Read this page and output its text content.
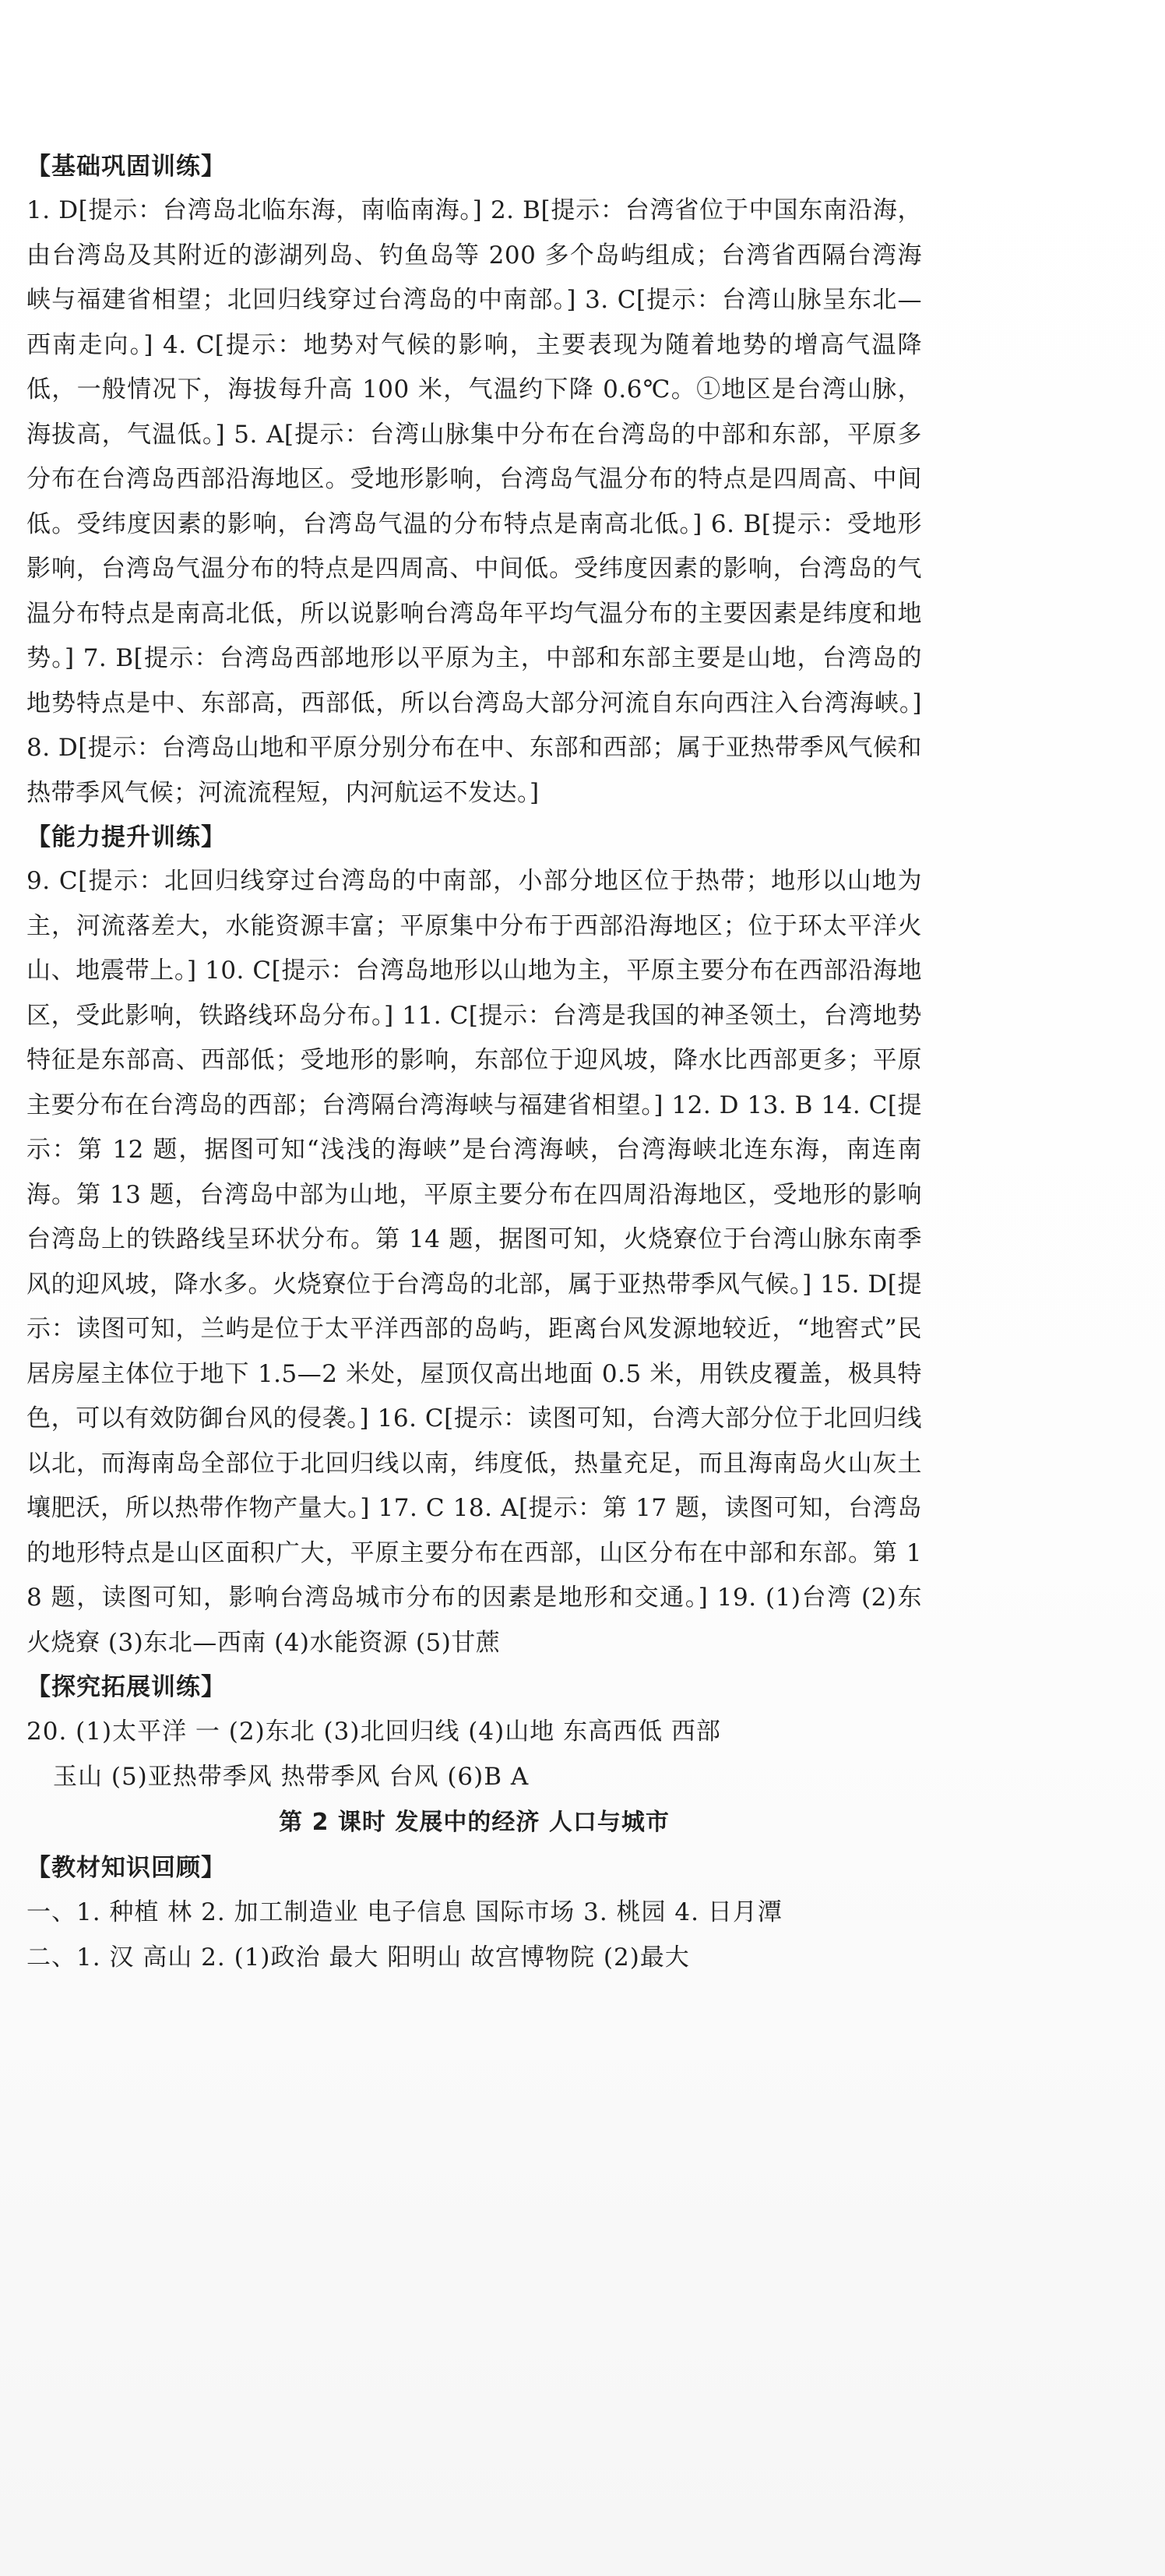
【基础巩固训练】

1. D[提示：台湾岛北临东海，南临南海。] 2. B[提示：台湾省位于中国东南沿海，由台湾岛及其附近的澎湖列岛、钓鱼岛等 200 多个岛屿组成；台湾省西隔台湾海峡与福建省相望；北回归线穿过台湾岛的中南部。] 3. C[提示：台湾山脉呈东北—西南走向。] 4. C[提示：地势对气候的影响，主要表现为随着地势的增高气温降低，一般情况下，海拔每升高 100 米，气温约下降 0.6℃。①地区是台湾山脉，海拔高，气温低。] 5. A[提示：台湾山脉集中分布在台湾岛的中部和东部，平原多分布在台湾岛西部沿海地区。受地形影响，台湾岛气温分布的特点是四周高、中间低。受纬度因素的影响，台湾岛气温的分布特点是南高北低。] 6. B[提示：受地形影响，台湾岛气温分布的特点是四周高、中间低。受纬度因素的影响，台湾岛的气温分布特点是南高北低，所以说影响台湾岛年平均气温分布的主要因素是纬度和地势。] 7. B[提示：台湾岛西部地形以平原为主，中部和东部主要是山地，台湾岛的地势特点是中、东部高，西部低，所以台湾岛大部分河流自东向西注入台湾海峡。] 8. D[提示：台湾岛山地和平原分别分布在中、东部和西部；属于亚热带季风气候和热带季风气候；河流流程短，内河航运不发达。]

【能力提升训练】

9. C[提示：北回归线穿过台湾岛的中南部，小部分地区位于热带；地形以山地为主，河流落差大，水能资源丰富；平原集中分布于西部沿海地区；位于环太平洋火山、地震带上。] 10. C[提示：台湾岛地形以山地为主，平原主要分布在西部沿海地区，受此影响，铁路线环岛分布。] 11. C[提示：台湾是我国的神圣领土，台湾地势特征是东部高、西部低；受地形的影响，东部位于迎风坡，降水比西部更多；平原主要分布在台湾岛的西部；台湾隔台湾海峡与福建省相望。] 12. D 13. B 14. C[提示：第 12 题，据图可知“浅浅的海峡”是台湾海峡，台湾海峡北连东海，南连南海。第 13 题，台湾岛中部为山地，平原主要分布在四周沿海地区，受地形的影响台湾岛上的铁路线呈环状分布。第 14 题，据图可知，火烧寮位于台湾山脉东南季风的迎风坡，降水多。火烧寮位于台湾岛的北部，属于亚热带季风气候。] 15. D[提示：读图可知，兰屿是位于太平洋西部的岛屿，距离台风发源地较近，“地窖式”民居房屋主体位于地下 1.5—2 米处，屋顶仅高出地面 0.5 米，用铁皮覆盖，极具特色，可以有效防御台风的侵袭。] 16. C[提示：读图可知，台湾大部分位于北回归线以北，而海南岛全部位于北回归线以南，纬度低，热量充足，而且海南岛火山灰土壤肥沃，所以热带作物产量大。] 17. C 18. A[提示：第 17 题，读图可知，台湾岛的地形特点是山区面积广大，平原主要分布在西部，山区分布在中部和东部。第 18 题，读图可知，影响台湾岛城市分布的因素是地形和交通。] 19. (1)台湾 (2)东 火烧寮 (3)东北—西南 (4)水能资源 (5)甘蔗

【探究拓展训练】
20. (1)太平洋 一 (2)东北 (3)北回归线 (4)山地 东高西低 西部
玉山 (5)亚热带季风 热带季风 台风 (6)B A
第 2 课时 发展中的经济 人口与城市
【教材知识回顾】
一、1. 种植 林 2. 加工制造业 电子信息 国际市场 3. 桃园 4. 日月潭
二、1. 汉 高山 2. (1)政治 最大 阳明山 故宫博物院 (2)最大
